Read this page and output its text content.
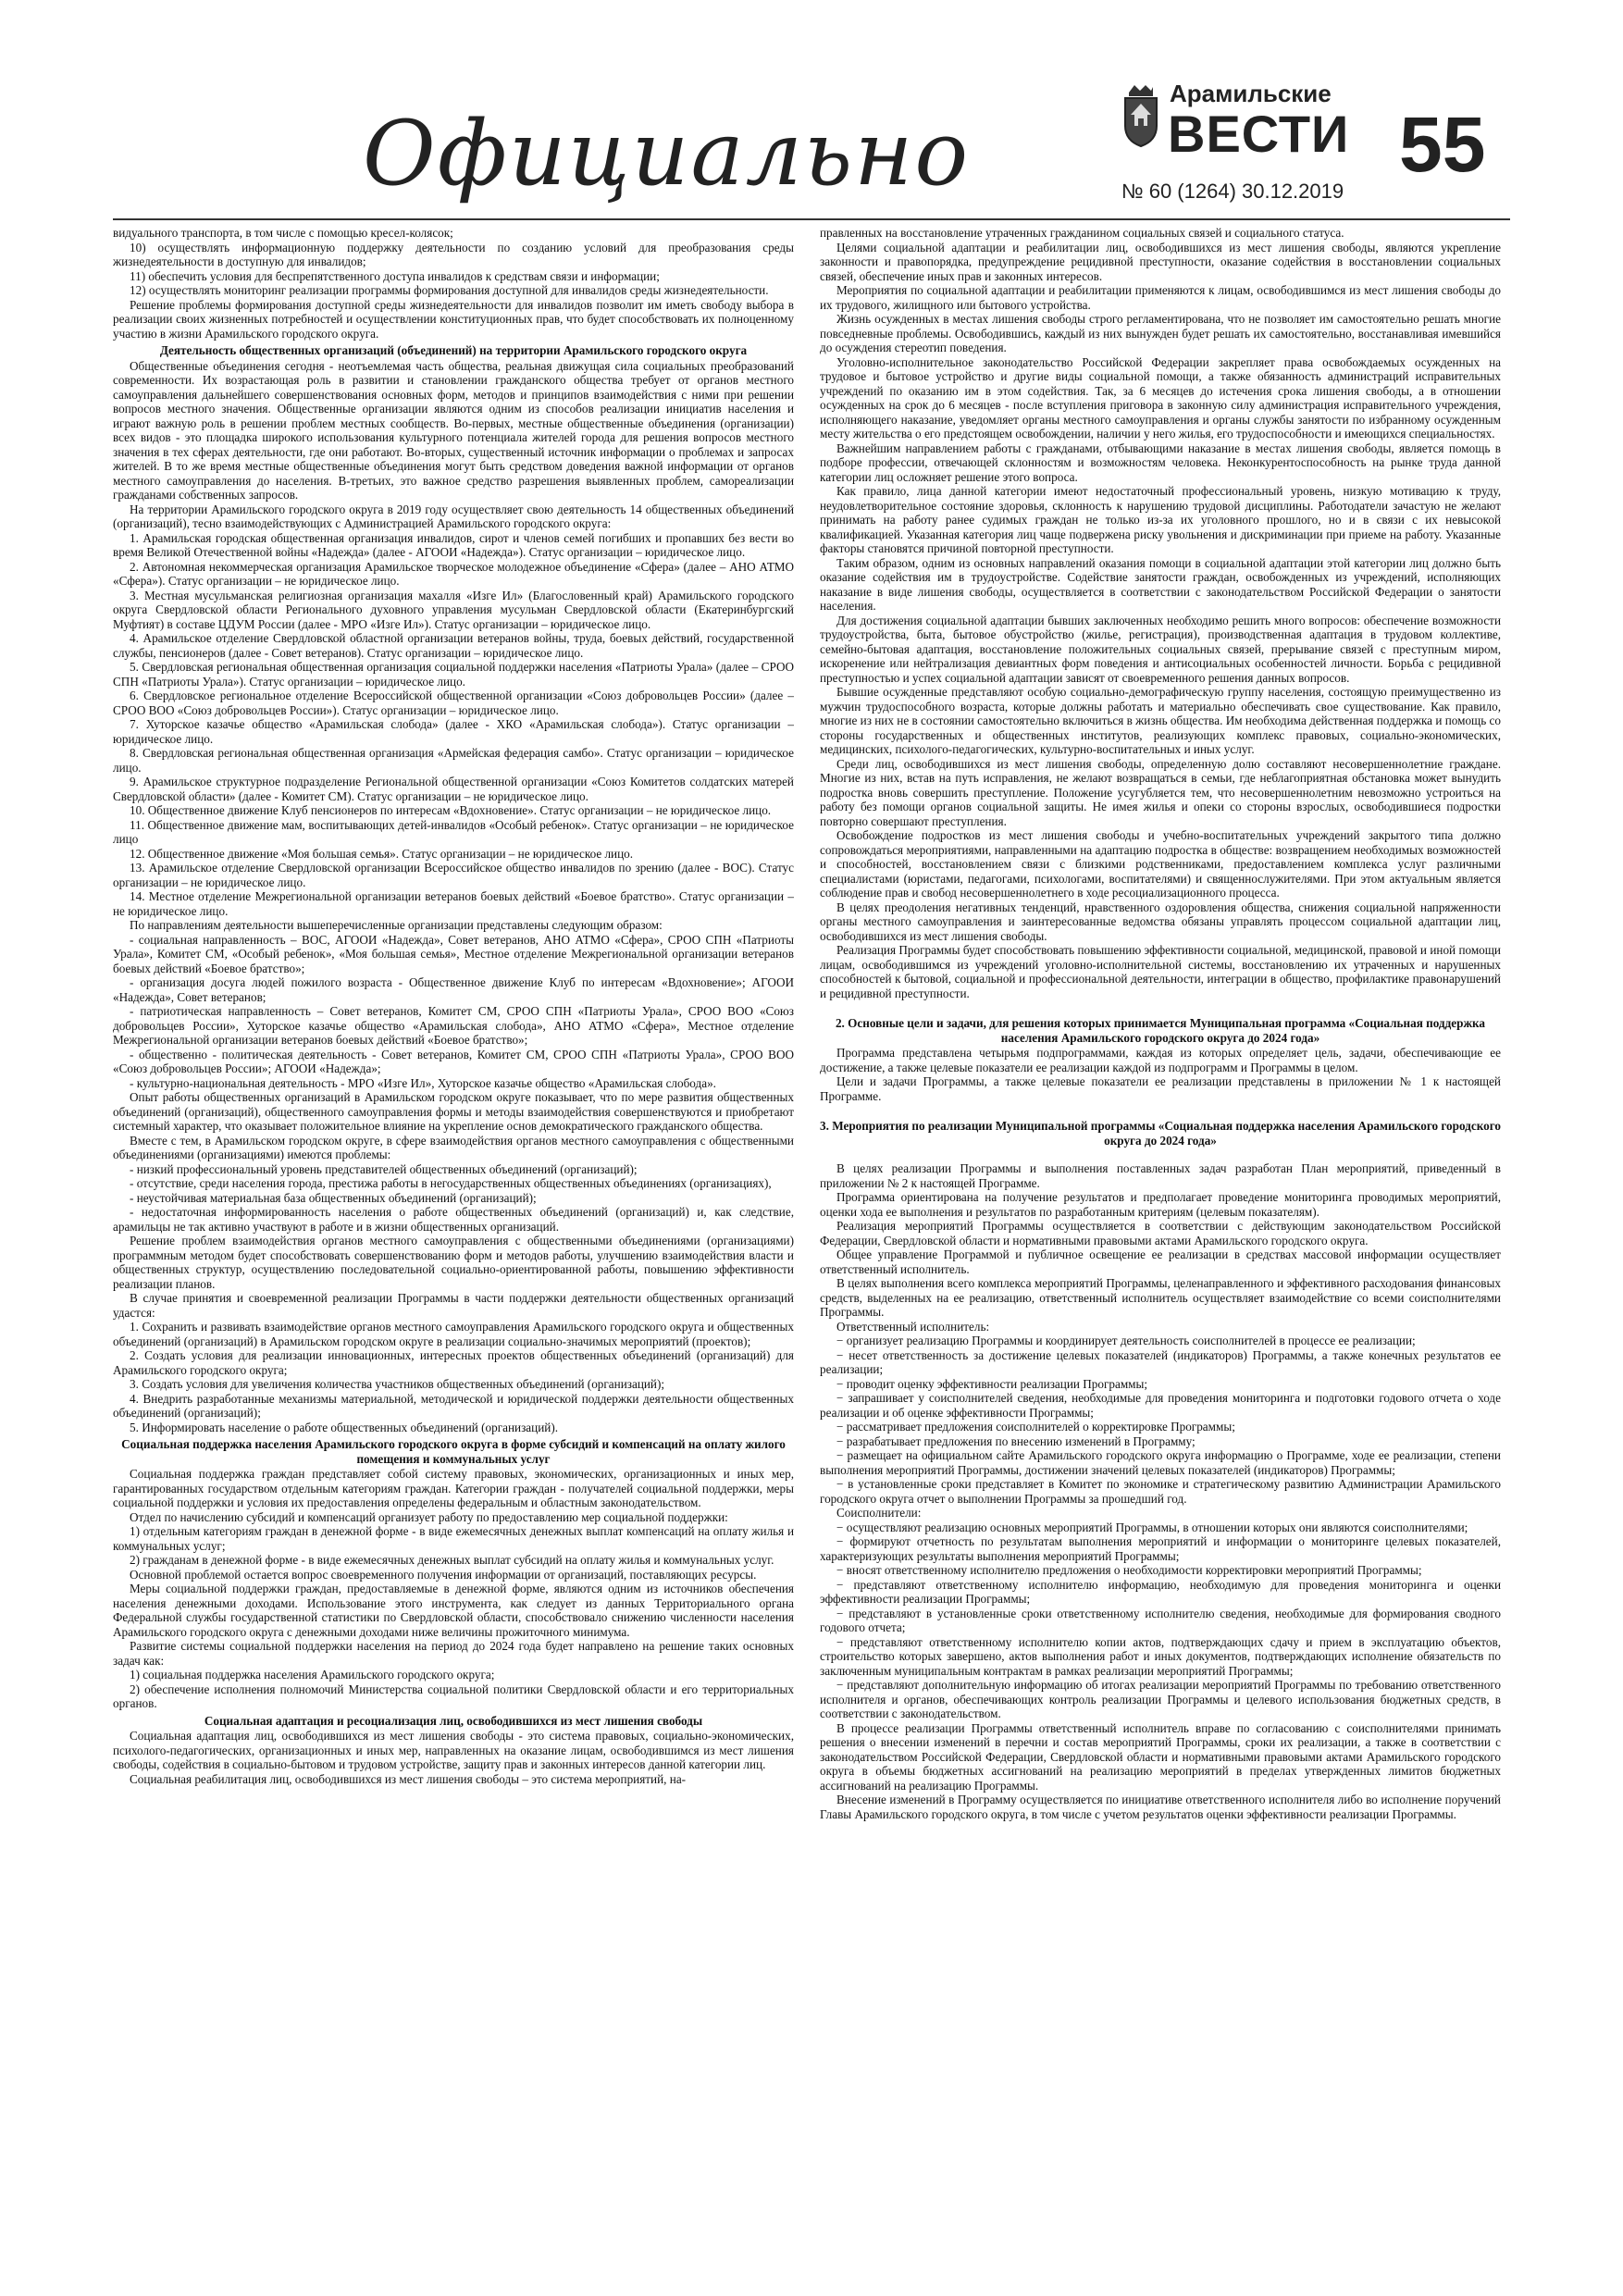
Официально
Арамильские
ВЕСТИ
№ 60 (1264) 30.12.2019
55

видуального транспорта, в том числе с помощью кресел-колясок;

10) осуществлять информационную поддержку деятельности по созданию условий для преобразования среды жизнедеятельности в доступную для инвалидов;

11) обеспечить условия для беспрепятственного доступа инвалидов к средствам связи и информации;

12) осуществлять мониторинг реализации программы формирования доступной для инвалидов среды жизнедеятельности.

Решение проблемы формирования доступной среды жизнедеятельности для инвалидов позволит им иметь свободу выбора в реализации своих жизненных потребностей и осуществлении конституционных прав, что будет способствовать их полноценному участию в жизни Арамильского городского округа.

Деятельность общественных организаций (объединений) на территории Арамильского городского округа

Общественные объединения сегодня - неотъемлемая часть общества, реальная движущая сила социальных преобразований современности. Их возрастающая роль в развитии и становлении гражданского общества требует от органов местного самоуправления дальнейшего совершенствования основных форм, методов и принципов взаимодействия с ними при решении вопросов местного значения. Общественные организации являются одним из способов реализации инициатив населения и играют важную роль в решении проблем местных сообществ. Во-первых, местные общественные объединения (организации) всех видов - это площадка широкого использования культурного потенциала жителей города для решения вопросов местного значения в тех сферах деятельности, где они работают. Во-вторых, существенный источник информации о проблемах и запросах жителей. В то же время местные общественные объединения могут быть средством доведения важной информации от органов местного самоуправления до населения. В-третьих, это важное средство разрешения выявленных проблем, самореализации гражданами собственных запросов.

На территории Арамильского городского округа в 2019 году осуществляет свою деятельность 14 общественных объединений (организаций), тесно взаимодействующих с Администрацией Арамильского городского округа:

1. Арамильская городская общественная организация инвалидов, сирот и членов семей погибших и пропавших без вести во время Великой Отечественной войны «Надежда» (далее - АГООИ «Надежда»). Статус организации – юридическое лицо.

2. Автономная некоммерческая организация Арамильское творческое молодежное объединение «Сфера» (далее – АНО АТМО «Сфера»). Статус организации – не юридическое лицо.

3. Местная мусульманская религиозная организация махалля «Изге Ил» (Благословенный край) Арамильского городского округа Свердловской области Регионального духовного управления мусульман Свердловской области (Екатеринбургский Муфтият) в составе ЦДУМ России (далее - МРО «Изге Ил»). Статус организации – юридическое лицо.

4. Арамильское отделение Свердловской областной организации ветеранов войны, труда, боевых действий, государственной службы, пенсионеров (далее - Совет ветеранов). Статус организации – юридическое лицо.

5. Свердловская региональная общественная организация социальной поддержки населения «Патриоты Урала» (далее – СРОО СПН «Патриоты Урала»). Статус организации – юридическое лицо.

6. Свердловское региональное отделение Всероссийской общественной организации «Союз добровольцев России» (далее – СРОО ВОО «Союз добровольцев России»). Статус организации – юридическое лицо.

7. Хуторское казачье общество «Арамильская слобода» (далее - ХКО «Арамильская слобода»). Статус организации – юридическое лицо.

8. Свердловская региональная общественная организация «Армейская федерация самбо». Статус организации – юридическое лицо.

9. Арамильское структурное подразделение Региональной общественной организации «Союз Комитетов солдатских матерей Свердловской области» (далее - Комитет СМ). Статус организации – не юридическое лицо.

10. Общественное движение Клуб пенсионеров по интересам «Вдохновение». Статус организации – не юридическое лицо.

11. Общественное движение мам, воспитывающих детей-инвалидов «Особый ребенок». Статус организации – не юридическое лицо

12. Общественное движение «Моя большая семья». Статус организации – не юридическое лицо.

13. Арамильское отделение Свердловской организации Всероссийское общество инвалидов по зрению (далее - ВОС). Статус организации – не юридическое лицо.

14. Местное отделение Межрегиональной организации ветеранов боевых действий «Боевое братство». Статус организации – не юридическое лицо.

По направлениям деятельности вышеперечисленные организации представлены следующим образом:

- социальная направленность – ВОС, АГООИ «Надежда», Совет ветеранов, АНО АТМО «Сфера», СРОО СПН «Патриоты Урала», Комитет СМ, «Особый ребенок», «Моя большая семья», Местное отделение Межрегиональной организации ветеранов боевых действий «Боевое братство»;

- организация досуга людей пожилого возраста - Общественное движение Клуб по интересам «Вдохновение»; АГООИ «Надежда», Совет ветеранов;

- патриотическая направленность – Совет ветеранов, Комитет СМ, СРОО СПН «Патриоты Урала», СРОО ВОО «Союз добровольцев России», Хуторское казачье общество «Арамильская слобода», АНО АТМО «Сфера», Местное отделение Межрегиональной организации ветеранов боевых действий «Боевое братство»;

- общественно - политическая деятельность - Совет ветеранов, Комитет СМ, СРОО СПН «Патриоты Урала», СРОО ВОО «Союз добровольцев России»; АГООИ «Надежда»;

- культурно-национальная деятельность - МРО «Изге Ил», Хуторское казачье общество «Арамильская слобода».

Опыт работы общественных организаций в Арамильском городском округе показывает, что по мере развития общественных объединений (организаций), общественного самоуправления формы и методы взаимодействия совершенствуются и приобретают системный характер, что оказывает положительное влияние на укрепление основ демократического гражданского общества.

Вместе с тем, в Арамильском городском округе, в сфере взаимодействия органов местного самоуправления с общественными объединениями (организациями) имеются проблемы:

- низкий профессиональный уровень представителей общественных объединений (организаций);

- отсутствие, среди населения города, престижа работы в негосударственных общественных объединениях (организациях),

- неустойчивая материальная база общественных объединений (организаций);

- недостаточная информированность населения о работе общественных объединений (организаций) и, как следствие, арамильцы не так активно участвуют в работе и в жизни общественных организаций.

Решение проблем взаимодействия органов местного самоуправления с общественными объединениями (организациями) программным методом будет способствовать совершенствованию форм и методов работы, улучшению взаимодействия власти и общественных структур, осуществлению последовательной социально-ориентированной работы, повышению эффективности реализации планов.

В случае принятия и своевременной реализации Программы в части поддержки деятельности общественных организаций удастся:

1. Сохранить и развивать взаимодействие органов местного самоуправления Арамильского городского округа и общественных объединений (организаций) в Арамильском городском округе в реализации социально-значимых мероприятий (проектов);

2. Создать условия для реализации инновационных, интересных проектов общественных объединений (организаций) для Арамильского городского округа;

3. Создать условия для увеличения количества участников общественных объединений (организаций);

4. Внедрить разработанные механизмы материальной, методической и юридической поддержки деятельности общественных объединений (организаций);

5. Информировать население о работе общественных объединений (организаций).

Социальная поддержка населения Арамильского городского округа в форме субсидий и компенсаций на оплату жилого помещения и коммунальных услуг

Социальная поддержка граждан представляет собой систему правовых, экономических, организационных и иных мер, гарантированных государством отдельным категориям граждан. Категории граждан - получателей социальной поддержки, меры социальной поддержки и условия их предоставления определены федеральным и областным законодательством.

Отдел по начислению субсидий и компенсаций организует работу по предоставлению мер социальной поддержки:

1) отдельным категориям граждан в денежной форме - в виде ежемесячных денежных выплат компенсаций на оплату жилья и коммунальных услуг;

2) гражданам в денежной форме - в виде ежемесячных денежных выплат субсидий на оплату жилья и коммунальных услуг.

Основной проблемой остается вопрос своевременного получения информации от организаций, поставляющих ресурсы.

Меры социальной поддержки граждан, предоставляемые в денежной форме, являются одним из источников обеспечения населения денежными доходами. Использование этого инструмента, как следует из данных Территориального органа Федеральной службы государственной статистики по Свердловской области, способствовало снижению численности населения Арамильского городского округа с денежными доходами ниже величины прожиточного минимума.

Развитие системы социальной поддержки населения на период до 2024 года будет направлено на решение таких основных задач как:

1) социальная поддержка населения Арамильского городского округа;

2) обеспечение исполнения полномочий Министерства социальной политики Свердловской области и его территориальных органов.

Социальная адаптация и ресоциализация лиц, освободившихся из мест лишения свободы

Социальная адаптация лиц, освободившихся из мест лишения свободы - это система правовых, социально-экономических, психолого-педагогических, организационных и иных мер, направленных на оказание лицам, освободившимся из мест лишения свободы, содействия в социально-бытовом и трудовом устройстве, защиту прав и законных интересов данной категории лиц.

Социальная реабилитация лиц, освободившихся из мест лишения свободы – это система мероприятий, на-

правленных на восстановление утраченных гражданином социальных связей и социального статуса.

Целями социальной адаптации и реабилитации лиц, освободившихся из мест лишения свободы, являются укрепление законности и правопорядка, предупреждение рецидивной преступности, оказание содействия в восстановлении социальных связей, обеспечение иных прав и законных интересов.

Мероприятия по социальной адаптации и реабилитации применяются к лицам, освободившимся из мест лишения свободы до их трудового, жилищного или бытового устройства.

Жизнь осужденных в местах лишения свободы строго регламентирована, что не позволяет им самостоятельно решать многие повседневные проблемы. Освободившись, каждый из них вынужден будет решать их самостоятельно, восстанавливая имевшийся до осуждения стереотип поведения.

Уголовно-исполнительное законодательство Российской Федерации закрепляет права освобождаемых осужденных на трудовое и бытовое устройство и другие виды социальной помощи, а также обязанность администраций исправительных учреждений по оказанию им в этом содействия. Так, за 6 месяцев до истечения срока лишения свободы, а в отношении осужденных на срок до 6 месяцев - после вступления приговора в законную силу администрация исправительного учреждения, исполняющего наказание, уведомляет органы местного самоуправления и органы службы занятости по избранному осужденным месту жительства о его предстоящем освобождении, наличии у него жилья, его трудоспособности и имеющихся специальностях.

Важнейшим направлением работы с гражданами, отбывающими наказание в местах лишения свободы, является помощь в подборе профессии, отвечающей склонностям и возможностям человека. Неконкурентоспособность на рынке труда данной категории лиц осложняет решение этого вопроса.

Как правило, лица данной категории имеют недостаточный профессиональный уровень, низкую мотивацию к труду, неудовлетворительное состояние здоровья, склонность к нарушению трудовой дисциплины. Работодатели зачастую не желают принимать на работу ранее судимых граждан не только из-за их уголовного прошлого, но и в связи с их невысокой квалификацией. Указанная категория лиц чаще подвержена риску увольнения и дискриминации при приеме на работу. Указанные факторы становятся причиной повторной преступности.

Таким образом, одним из основных направлений оказания помощи в социальной адаптации этой категории лиц должно быть оказание содействия им в трудоустройстве. Содействие занятости граждан, освобожденных из учреждений, исполняющих наказание в виде лишения свободы, осуществляется в соответствии с законодательством Российской Федерации о занятости населения.

Для достижения социальной адаптации бывших заключенных необходимо решить много вопросов: обеспечение возможности трудоустройства, быта, бытовое обустройство (жилье, регистрация), производственная адаптация в трудовом коллективе, семейно-бытовая адаптация, восстановление положительных социальных связей, прерывание связей с преступным миром, искоренение или нейтрализация девиантных форм поведения и антисоциальных особенностей личности. Борьба с рецидивной преступностью и успех социальной адаптации зависят от своевременного решения данных вопросов.

Бывшие осужденные представляют особую социально-демографическую группу населения, состоящую преимущественно из мужчин трудоспособного возраста, которые должны работать и материально обеспечивать свое существование. Как правило, многие из них не в состоянии самостоятельно включиться в жизнь общества. Им необходима действенная поддержка и помощь со стороны государственных и общественных институтов, реализующих комплекс правовых, социально-экономических, медицинских, психолого-педагогических, культурно-воспитательных и иных услуг.

Среди лиц, освободившихся из мест лишения свободы, определенную долю составляют несовершеннолетние граждане. Многие из них, встав на путь исправления, не желают возвращаться в семьи, где неблагоприятная обстановка может вынудить подростка вновь совершить преступление. Положение усугубляется тем, что несовершеннолетним невозможно устроиться на работу без помощи органов социальной защиты. Не имея жилья и опеки со стороны взрослых, освободившиеся подростки повторно совершают преступления.

Освобождение подростков из мест лишения свободы и учебно-воспитательных учреждений закрытого типа должно сопровождаться мероприятиями, направленными на адаптацию подростка в обществе: возвращением необходимых возможностей и способностей, восстановлением связи с близкими родственниками, предоставлением комплекса услуг различными специалистами (юристами, педагогами, психологами, воспитателями) и священнослужителями. При этом актуальным является соблюдение прав и свобод несовершеннолетнего в ходе ресоциализационного процесса.

В целях преодоления негативных тенденций, нравственного оздоровления общества, снижения социальной напряженности органы местного самоуправления и заинтересованные ведомства обязаны управлять процессом социальной адаптации лиц, освободившихся из мест лишения свободы.

Реализация Программы будет способствовать повышению эффективности социальной, медицинской, правовой и иной помощи лицам, освободившимся из учреждений уголовно-исполнительной системы, восстановлению их утраченных и нарушенных способностей к бытовой, социальной и профессиональной деятельности, интеграции в общество, профилактике правонарушений и рецидивной преступности.

2. Основные цели и задачи, для решения которых принимается Муниципальная программа «Социальная поддержка населения Арамильского городского округа до 2024 года»

Программа представлена четырьмя подпрограммами, каждая из которых определяет цель, задачи, обеспечивающие ее достижение, а также целевые показатели ее реализации каждой из подпрограмм и Программы в целом.

Цели и задачи Программы, а также целевые показатели ее реализации представлены в приложении № 1 к настоящей Программе.

3. Мероприятия по реализации Муниципальной программы «Социальная поддержка населения Арамильского городского округа до 2024 года»

В целях реализации Программы и выполнения поставленных задач разработан План мероприятий, приведенный в приложении № 2 к настоящей Программе.

Программа ориентирована на получение результатов и предполагает проведение мониторинга проводимых мероприятий, оценки хода ее выполнения и результатов по разработанным критериям (целевым показателям).

Реализация мероприятий Программы осуществляется в соответствии с действующим законодательством Российской Федерации, Свердловской области и нормативными правовыми актами Арамильского городского округа.

Общее управление Программой и публичное освещение ее реализации в средствах массовой информации осуществляет ответственный исполнитель.

В целях выполнения всего комплекса мероприятий Программы, целенаправленного и эффективного расходования финансовых средств, выделенных на ее реализацию, ответственный исполнитель осуществляет взаимодействие со всеми соисполнителями Программы.

Ответственный исполнитель:

− организует реализацию Программы и координирует деятельность соисполнителей в процессе ее реализации;

− несет ответственность за достижение целевых показателей (индикаторов) Программы, а также конечных результатов ее реализации;

− проводит оценку эффективности реализации Программы;

− запрашивает у соисполнителей сведения, необходимые для проведения мониторинга и подготовки годового отчета о ходе реализации и об оценке эффективности Программы;

− рассматривает предложения соисполнителей о корректировке Программы;

− разрабатывает предложения по внесению изменений в Программу;

− размещает на официальном сайте Арамильского городского округа информацию о Программе, ходе ее реализации, степени выполнения мероприятий Программы, достижении значений целевых показателей (индикаторов) Программы;

− в установленные сроки представляет в Комитет по экономике и стратегическому развитию Администрации Арамильского городского округа отчет о выполнении Программы за прошедший год.

Соисполнители:

− осуществляют реализацию основных мероприятий Программы, в отношении которых они являются соисполнителями;

− формируют отчетность по результатам выполнения мероприятий и информации о мониторинге целевых показателей, характеризующих результаты выполнения мероприятий Программы;

− вносят ответственному исполнителю предложения о необходимости корректировки мероприятий Программы;

− представляют ответственному исполнителю информацию, необходимую для проведения мониторинга и оценки эффективности реализации Программы;

− представляют в установленные сроки ответственному исполнителю сведения, необходимые для формирования сводного годового отчета;

− представляют ответственному исполнителю копии актов, подтверждающих сдачу и прием в эксплуатацию объектов, строительство которых завершено, актов выполнения работ и иных документов, подтверждающих исполнение обязательств по заключенным муниципальным контрактам в рамках реализации мероприятий Программы;

− представляют дополнительную информацию об итогах реализации мероприятий Программы по требованию ответственного исполнителя и органов, обеспечивающих контроль реализации Программы и целевого использования бюджетных средств, в соответствии с законодательством.

В процессе реализации Программы ответственный исполнитель вправе по согласованию с соисполнителями принимать решения о внесении изменений в перечни и состав мероприятий Программы, сроки их реализации, а также в соответствии с законодательством Российской Федерации, Свердловской области и нормативными правовыми актами Арамильского городского округа в объемы бюджетных ассигнований на реализацию мероприятий в пределах утвержденных лимитов бюджетных ассигнований на реализацию Программы.

Внесение изменений в Программу осуществляется по инициативе ответственного исполнителя либо во исполнение поручений Главы Арамильского городского округа, в том числе с учетом результатов оценки эффективности реализации Программы.
